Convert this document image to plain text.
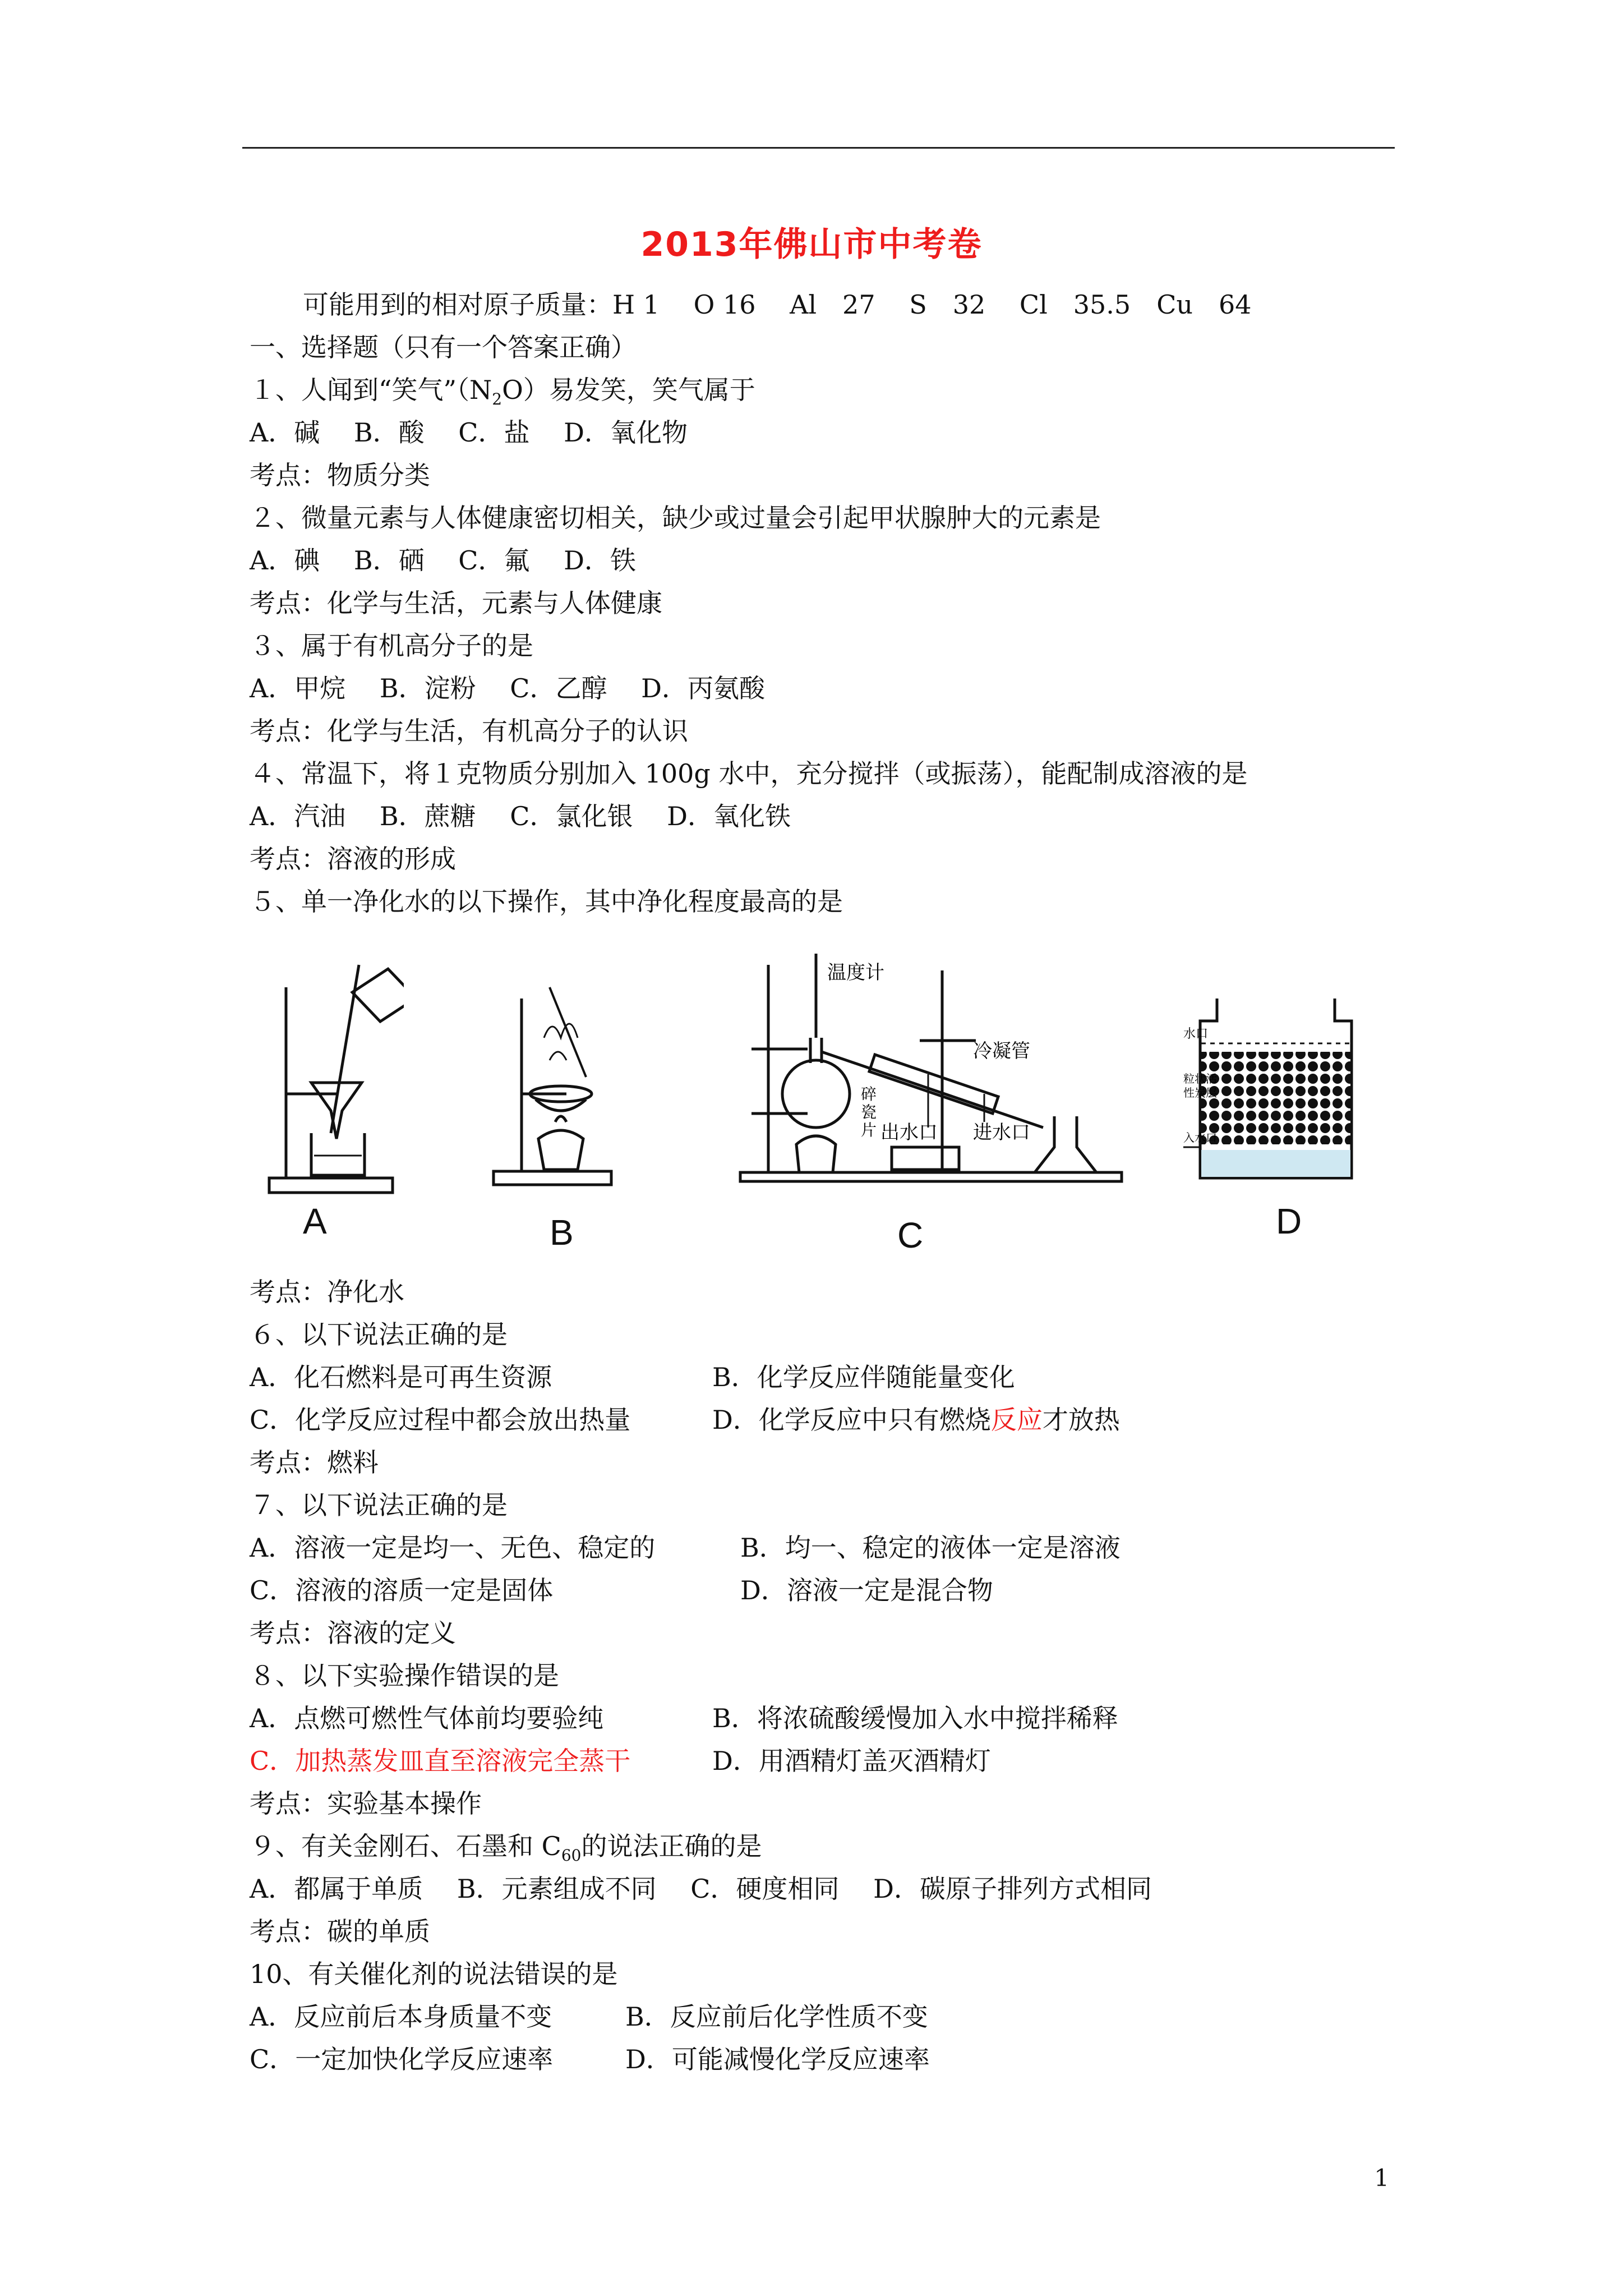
2013年佛山市中考卷
可能用到的相对原子质量：H 1　 O 16　 Al　27　 S　32　 Cl　35.5　Cu　64
一、选择题（只有一个答案正确）
１、人闻到“笑气$”(N_2O)$易发笑，笑气属于
A．碱　 B．酸　 C．盐　 D．氧化物
考点：物质分类
２、微量元素与人体健康密切相关，缺少或过量会引起甲状腺肿大的元素是
A．碘　 B．硒　 C．氟　 D．铁
考点：化学与生活，元素与人体健康
３、属于有机高分子的是
A．甲烷　 B．淀粉　 C．乙醇　 D．丙氨酸
考点：化学与生活，有机高分子的认识
４、常温下，将１克物质分别加入 100g 水中，充分搅拌（或振荡），能配制成溶液的是
A．汽油　 B．蔗糖　 C．氯化银　 D．氧化铁
考点：溶液的形成
５、单一净化水的以下操作，其中净化程度最高的是
A	B
温度计
冷凝管
碎
瓷
片 出水口 进水口
C
水口
粒状活
性炭层
入水口
D
考点：净化水
６、以下说法正确的是
A．化石燃料是可再生资源	B．化学反应伴随能量变化
C．化学反应过程中都会放出热量	D．化学反应中只有燃烧反应才放热
考点：燃料
７、以下说法正确的是
A．溶液一定是均一、无色、稳定的	B．均一、稳定的液体一定是溶液
C．溶液的溶质一定是固体	D．溶液一定是混合物
考点：溶液的定义
８、以下实验操作错误的是
A．点燃可燃性气体前均要验纯	B．将浓硫酸缓慢加入水中搅拌稀释
C．加热蒸发皿直至溶液完全蒸干	D．用酒精灯盖灭酒精灯
考点：实验基本操作
９、有关金刚石、石墨和 $C_{60}$的说法正确的是
A．都属于单质　 B．元素组成不同　 C．硬度相同　 D．碳原子排列方式相同
考点：碳的单质
10、有关催化剂的说法错误的是
A．反应前后本身质量不变	B．反应前后化学性质不变
C．一定加快化学反应速率	D．可能减慢化学反应速率
1
